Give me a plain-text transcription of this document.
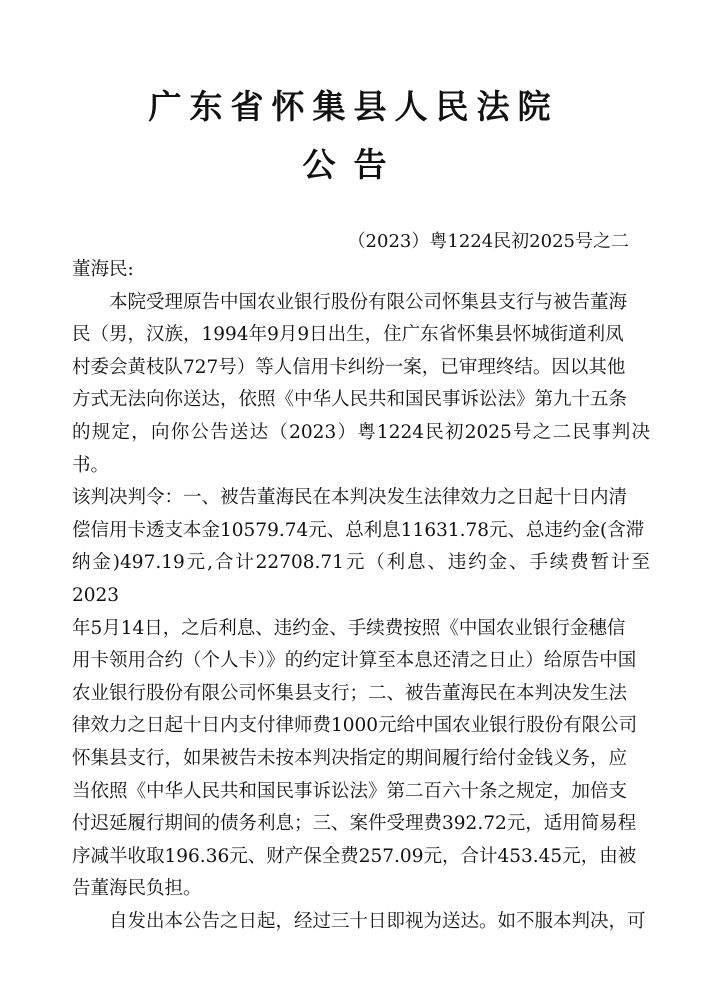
广东省怀集县人民法院
公告
（2023）粤1224民初2025号之二

董海民:

本院受理原告中国农业银行股份有限公司怀集县支行与被告董海
民（男，汉族，1994年9月9日出生，住广东省怀集县怀城街道利凤
村委会黄枝队727号）等人信用卡纠纷一案，已审理终结。因以其他
方式无法向你送达，依照《中华人民共和国民事诉讼法》第九十五条
的规定，向你公告送达（2023）粤1224民初2025号之二民事判决书。
该判决判令：一、被告董海民在本判决发生法律效力之日起十日内清
偿信用卡透支本金10579.74元、总利息11631.78元、总违约金(含滞
纳金)497.19元,合计22708.71元（利息、违约金、手续费暂计至2023
年5月14日，之后利息、违约金、手续费按照《中国农业银行金穗信
用卡领用合约（个人卡）》的约定计算至本息还清之日止）给原告中国
农业银行股份有限公司怀集县支行；二、被告董海民在本判决发生法
律效力之日起十日内支付律师费1000元给中国农业银行股份有限公司
怀集县支行，如果被告未按本判决指定的期间履行给付金钱义务，应
当依照《中华人民共和国民事诉讼法》第二百六十条之规定，加倍支
付迟延履行期间的债务利息；三、案件受理费392.72元，适用简易程
序减半收取196.36元、财产保全费257.09元，合计453.45元，由被
告董海民负担。

自发出本公告之日起，经过三十日即视为送达。如不服本判决，可
